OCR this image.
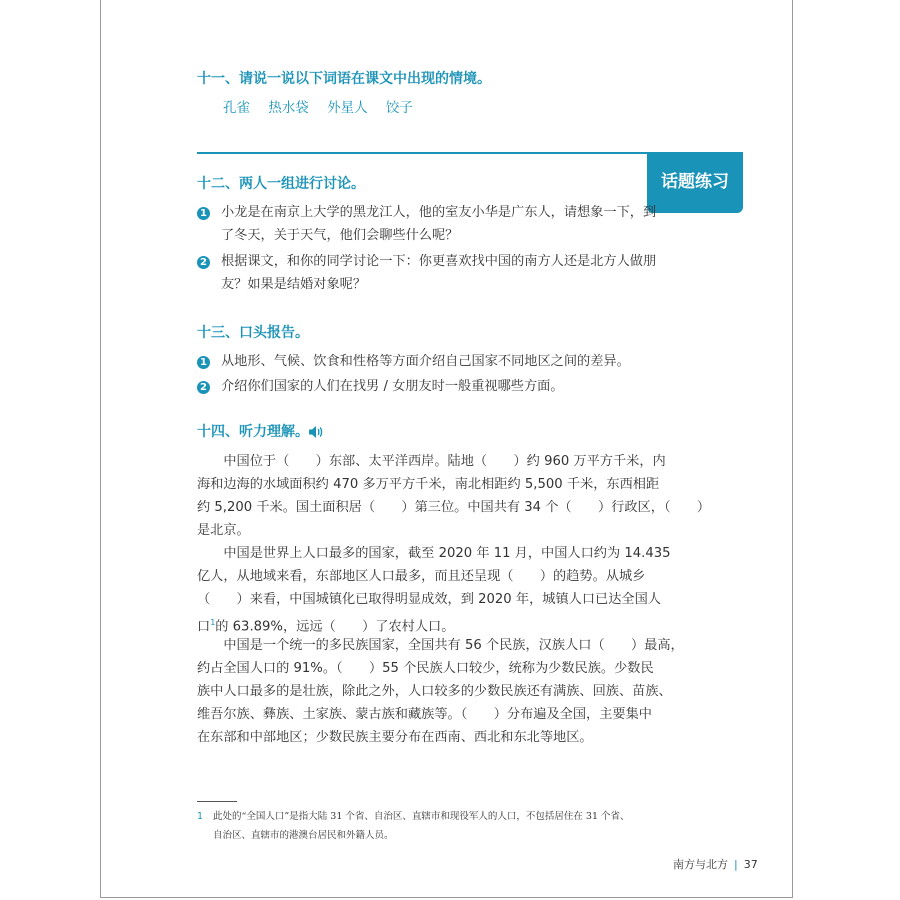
十一、请说一说以下词语在课文中出现的情境。
孔雀 热水袋 外星人 饺子
话题练习
十二、两人一组进行讨论。
1 小龙是在南京上大学的黑龙江人，他的室友小华是广东人，请想象一下，到
了冬天，关于天气，他们会聊些什么呢？
2 根据课文，和你的同学讨论一下：你更喜欢找中国的南方人还是北方人做朋
友？如果是结婚对象呢？
十三、口头报告。
1 从地形、气候、饮食和性格等方面介绍自己国家不同地区之间的差异。
2 介绍你们国家的人们在找男 / 女朋友时一般重视哪些方面。
十四、听力理解。
　　中国位于（　　）东部、太平洋西岸。陆地（　　）约 960 万平方千米，内
海和边海的水域面积约 470 多万平方千米，南北相距约 5,500 千米，东西相距
约 5,200 千米。国土面积居（　　）第三位。中国共有 34 个（　　）行政区，（　　）
是北京。
　　中国是世界上人口最多的国家，截至 2020 年 11 月，中国人口约为 14.435
亿人，从地域来看，东部地区人口最多，而且还呈现（　　）的趋势。从城乡
（　　）来看，中国城镇化已取得明显成效，到 2020 年，城镇人口已达全国人
口$^1$的 63.89%，远远（　　）了农村人口。
　　中国是一个统一的多民族国家，全国共有 56 个民族，汉族人口（　　）最高，
约占全国人口的 91%。（　　）55 个民族人口较少，统称为少数民族。少数民
族中人口最多的是壮族，除此之外，人口较多的少数民族还有满族、回族、苗族、
维吾尔族、彝族、土家族、蒙古族和藏族等。（　　）分布遍及全国，主要集中
在东部和中部地区；少数民族主要分布在西南、西北和东北等地区。
1 此处的“全国人口”是指大陆 31 个省、自治区、直辖市和现役军人的人口，不包括居住在 31 个省、
自治区、直辖市的港澳台居民和外籍人员。
南方与北方 | 37
